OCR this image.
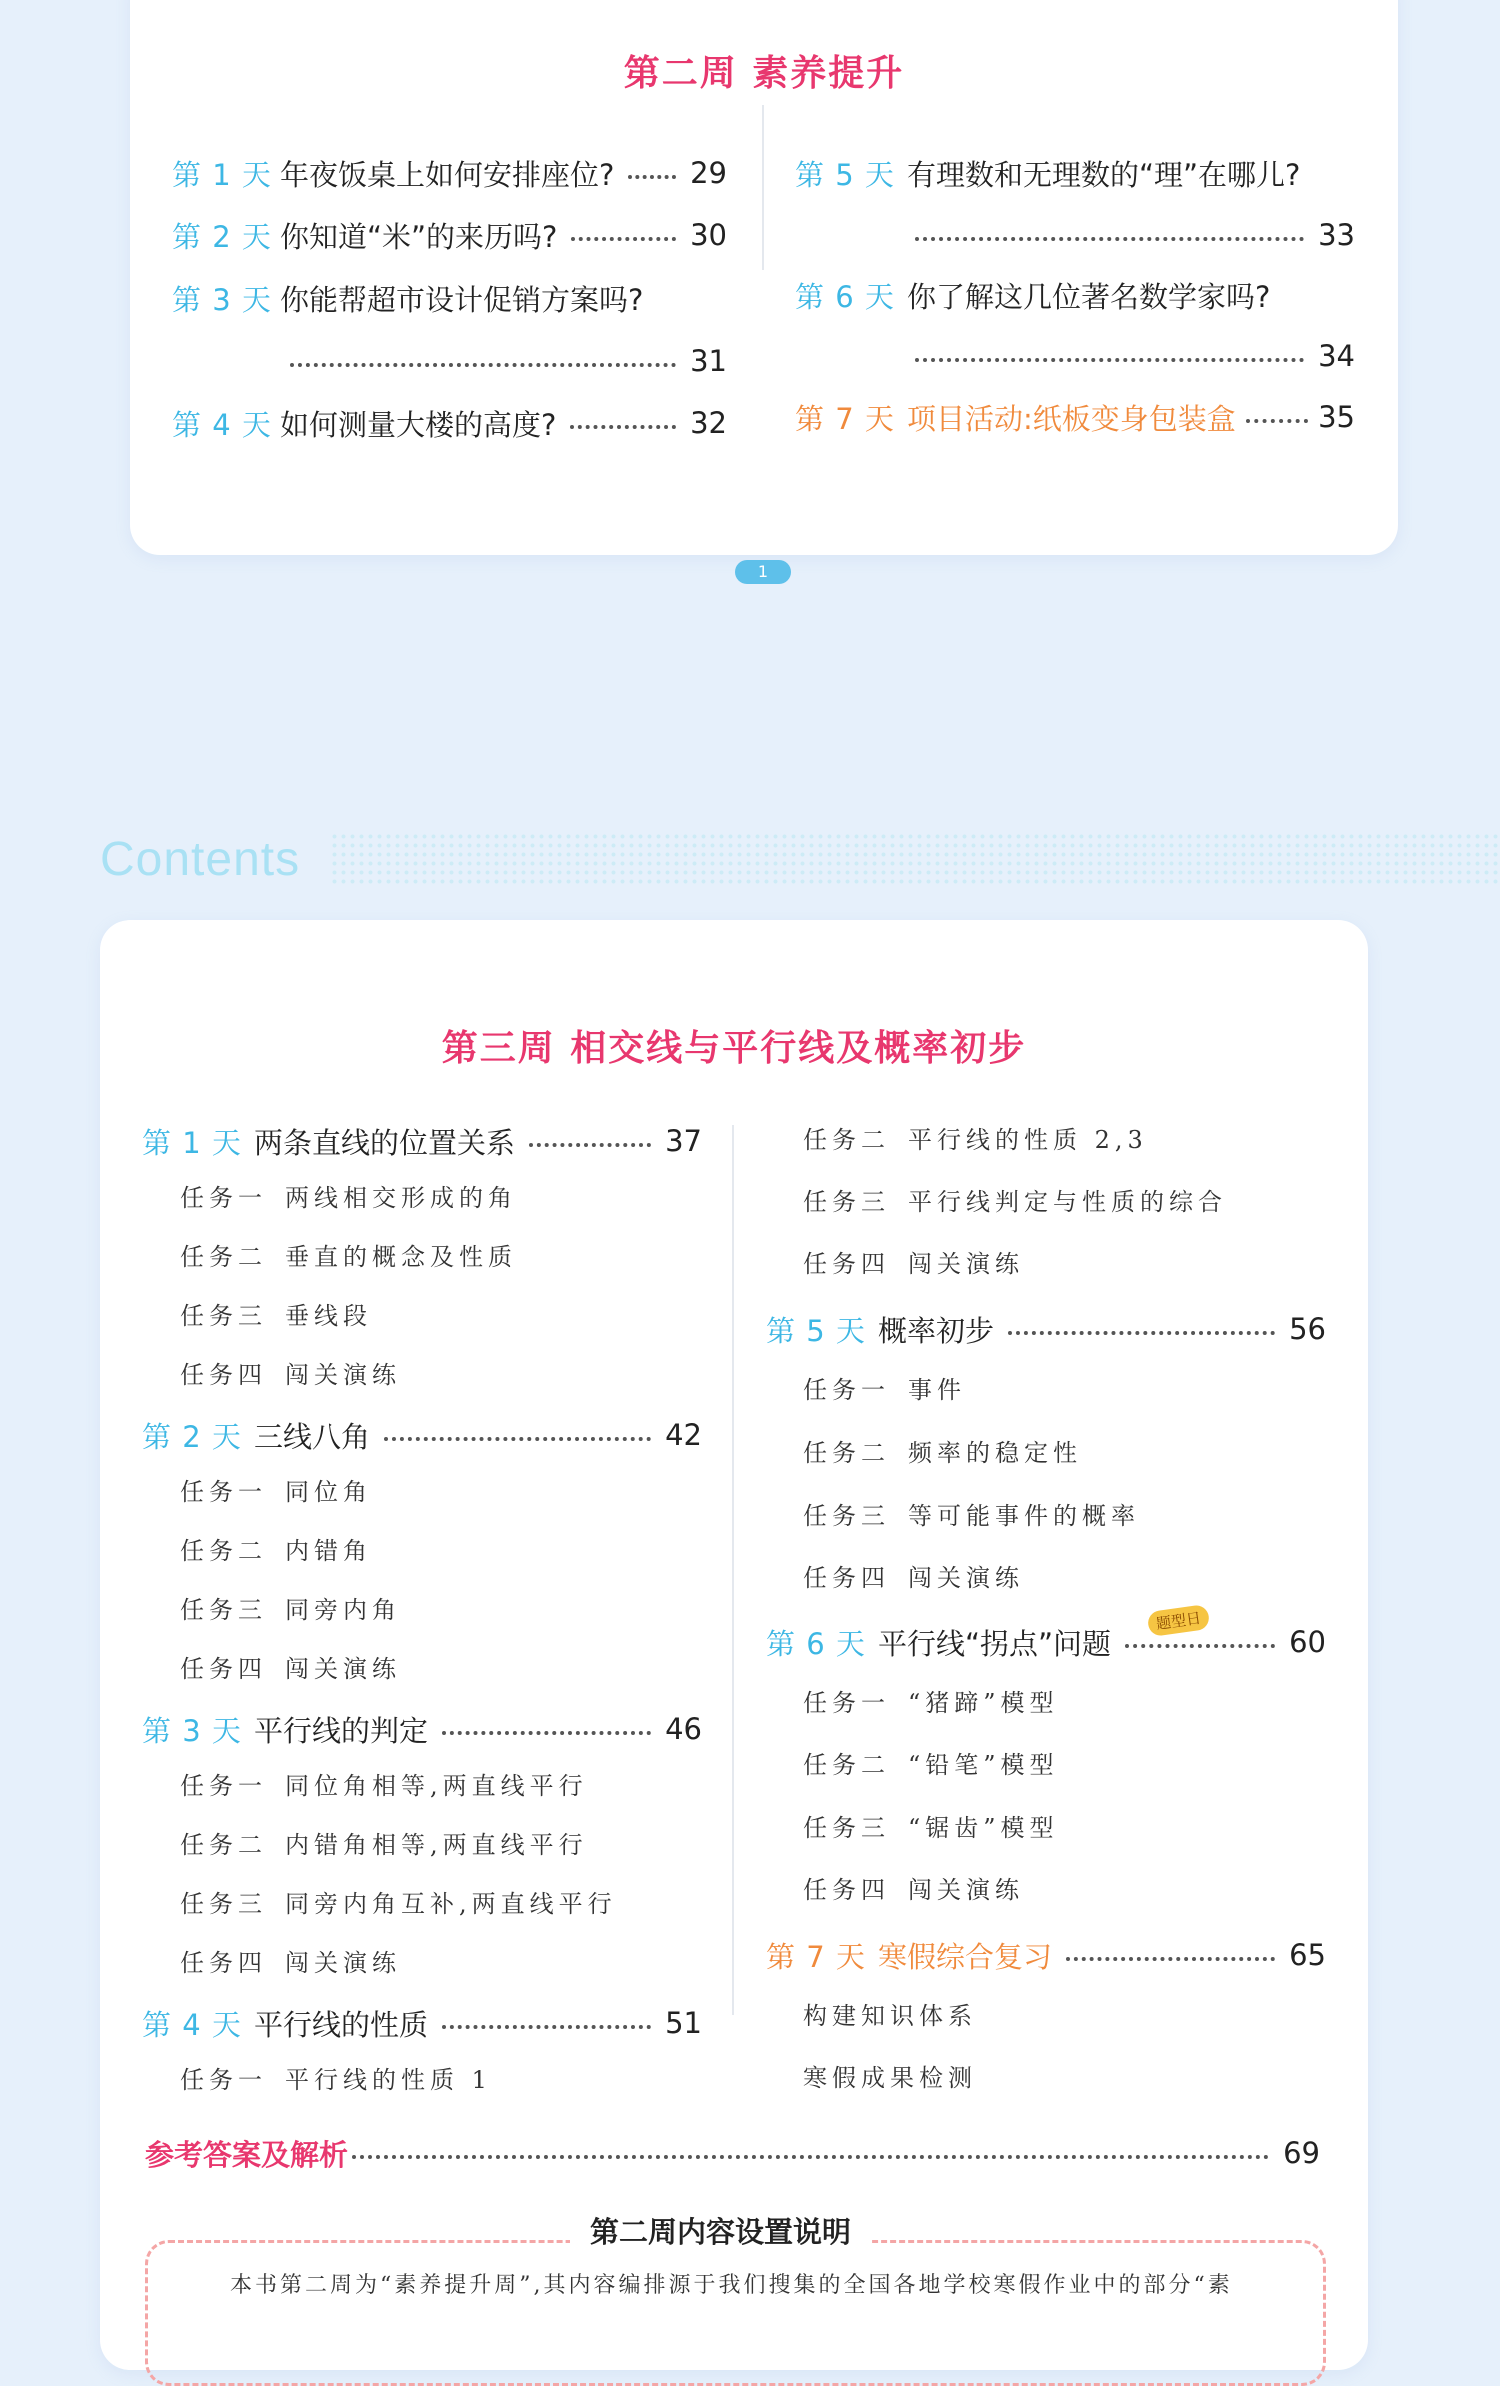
第二周 素养提升
第 1 天 年夜饭桌上如何安排座位?	29
第 2 天 你知道“米”的来历吗?	30
第 3 天 你能帮超市设计促销方案吗?
31
第 4 天 如何测量大楼的高度?	32
第 5 天 有理数和无理数的“理”在哪儿?
33
第 6 天 你了解这几位著名数学家吗?
34
第 7 天 项目活动:纸板变身包装盒	35
1
Contents
第三周 相交线与平行线及概率初步
第 1 天 两条直线的位置关系	37
任务一 两线相交形成的角
任务二 垂直的概念及性质
任务三 垂线段
任务四 闯关演练
第 2 天 三线八角	42
任务一 同位角
任务二 内错角
任务三 同旁内角
任务四 闯关演练
第 3 天 平行线的判定	46
任务一 同位角相等,两直线平行
任务二 内错角相等,两直线平行
任务三 同旁内角互补,两直线平行
任务四 闯关演练
第 4 天 平行线的性质	51
任务一 平行线的性质 1
任务二 平行线的性质 2,3
任务三 平行线判定与性质的综合
任务四 闯关演练
第 5 天 概率初步	56
任务一 事件
任务二 频率的稳定性
任务三 等可能事件的概率
任务四 闯关演练
第 6 天 平行线“拐点”问题	60
题型日
任务一 “猪蹄”模型
任务二 “铅笔”模型
任务三 “锯齿”模型
任务四 闯关演练
第 7 天 寒假综合复习	65
构建知识体系
寒假成果检测
参考答案及解析	69
第二周内容设置说明
本书第二周为“素养提升周”,其内容编排源于我们搜集的全国各地学校寒假作业中的部分“素
